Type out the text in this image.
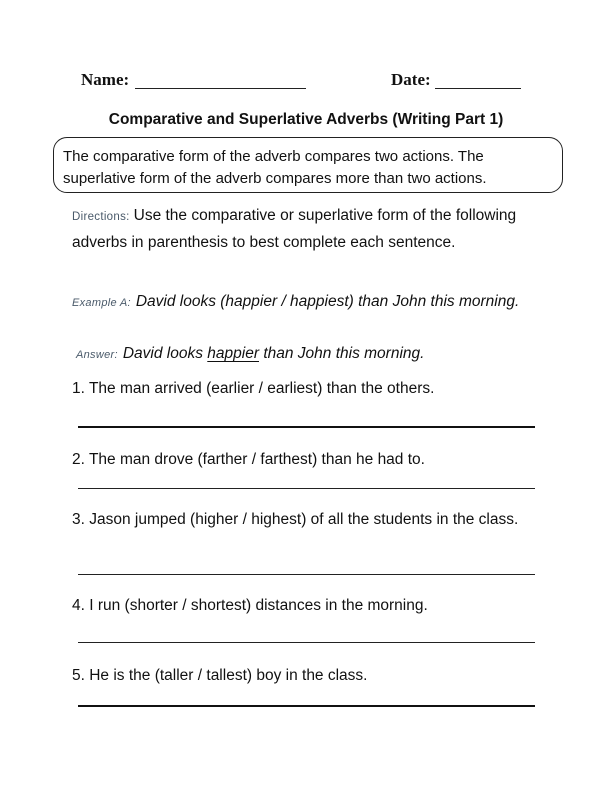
Name:	Date:
Comparative and Superlative Adverbs (Writing Part 1)
The comparative form of the adverb compares two actions. The
superlative form of the adverb compares more than two actions.
Directions: Use the comparative or superlative form of the following adverbs in parenthesis to best complete each sentence.
Example A: David looks (happier / happiest) than John this morning.
Answer: David looks happier than John this morning.
1. The man arrived (earlier / earliest) than the others.
2. The man drove (farther / farthest) than he had to.
3. Jason jumped (higher / highest) of all the students in the class.
4. I run (shorter / shortest) distances in the morning.
5. He is the (taller / tallest) boy in the class.
